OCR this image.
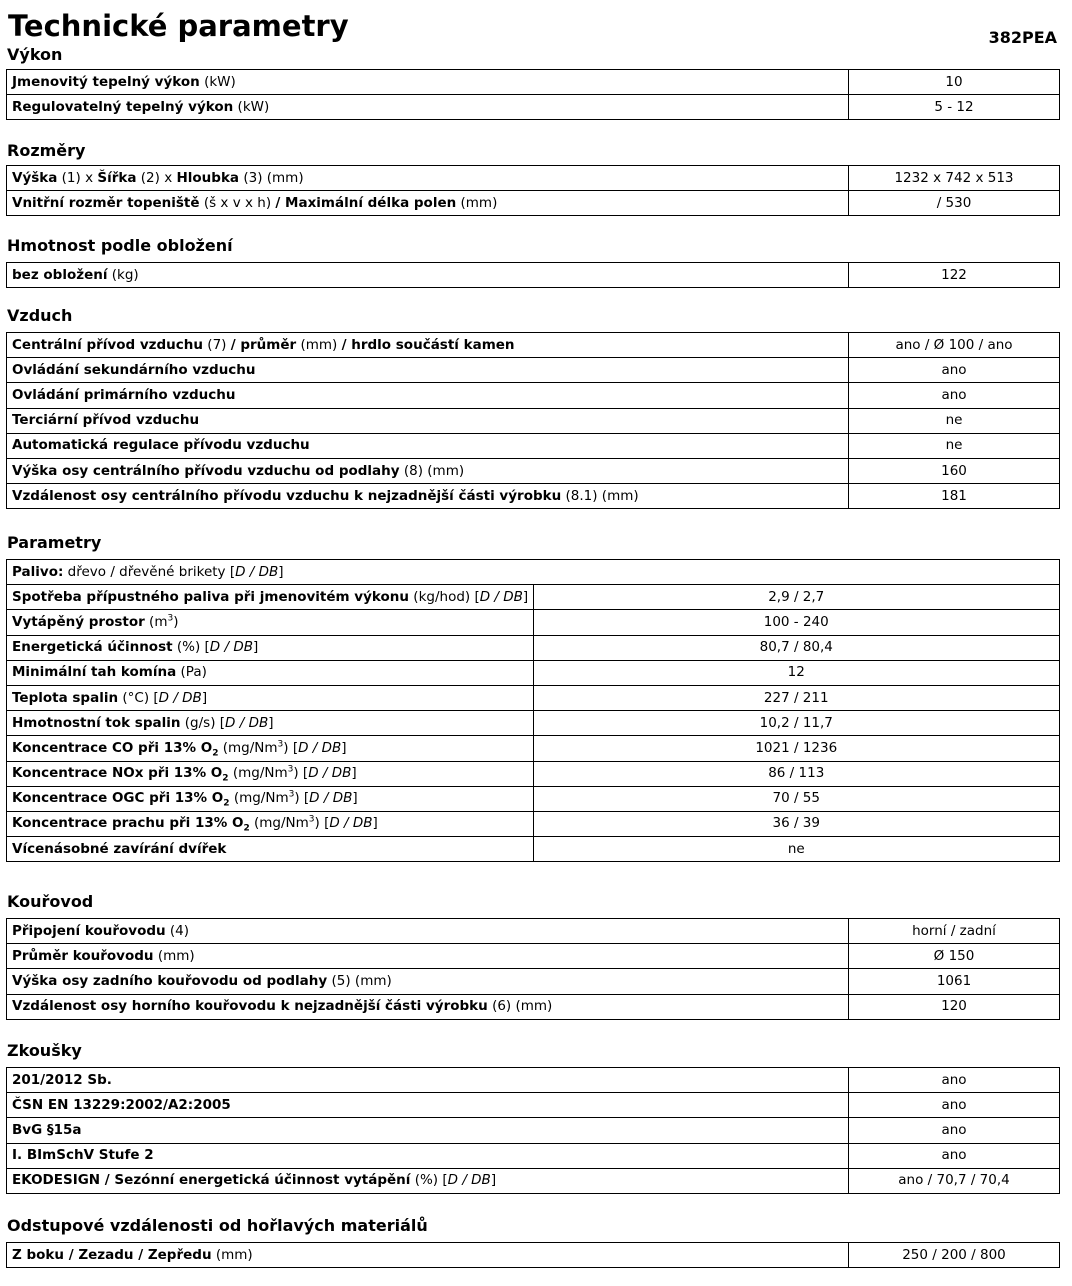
Technické parametry	382PEA
Výkon
Jmenovitý tepelný výkon (kW)	10
Regulovatelný tepelný výkon (kW)	5 - 12
Rozměry
Výška (1) x Šířka (2) x Hloubka (3) (mm)	1232 x 742 x 513
Vnitřní rozměr topeniště (š x v x h) / Maximální délka polen (mm)	/ 530
Hmotnost podle obložení
bez obložení (kg)	122
Vzduch
Centrální přívod vzduchu (7) / průměr (mm) / hrdlo součástí kamen	ano / Ø 100 / ano
Ovládání sekundárního vzduchu	ano
Ovládání primárního vzduchu	ano
Terciární přívod vzduchu	ne
Automatická regulace přívodu vzduchu	ne
Výška osy centrálního přívodu vzduchu od podlahy (8) (mm)	160
Vzdálenost osy centrálního přívodu vzduchu k nejzadnější části výrobku (8.1) (mm)	181
Parametry
Palivo: dřevo / dřevěné brikety [D / DB]	
Spotřeba přípustného paliva při jmenovitém výkonu (kg/hod) [D / DB]	2,9 / 2,7
Vytápěný prostor $(m^3)$	100 - 240
Energetická účinnost (%) [D / DB]	80,7 / 80,4
Minimální tah komína (Pa)	12
Teplota spalin (°C) [D / DB]	227 / 211
Hmotnostní tok spalin (g/s) [D / DB]	10,2 / 11,7
Koncentrace CO při 13% $O_2$ (mg/Nm$^3$) [D / DB]	1021 / 1236
Koncentrace NOx při 13% $O_2$ (mg/Nm$^3$) [D / DB]	86 / 113
Koncentrace OGC při 13% $O_2$ (mg/Nm$^3$) [D / DB]	70 / 55
Koncentrace prachu při 13% $O_2$ (mg/Nm$^3$) [D / DB]	36 / 39
Vícenásobné zavírání dvířek	ne
Kouřovod
Připojení kouřovodu (4)	horní / zadní
Průměr kouřovodu (mm)	Ø 150
Výška osy zadního kouřovodu od podlahy (5) (mm)	1061
Vzdálenost osy horního kouřovodu k nejzadnější části výrobku (6) (mm)	120
Zkoušky
201/2012 Sb.	ano
ČSN EN 13229:2002/A2:2005	ano
BvG §15a	ano
I. BImSchV Stufe 2	ano
EKODESIGN / Sezónní energetická účinnost vytápění (%) [D / DB]	ano / 70,7 / 70,4
Odstupové vzdálenosti od hořlavých materiálů
Z boku / Zezadu / Zepředu (mm)	250 / 200 / 800
